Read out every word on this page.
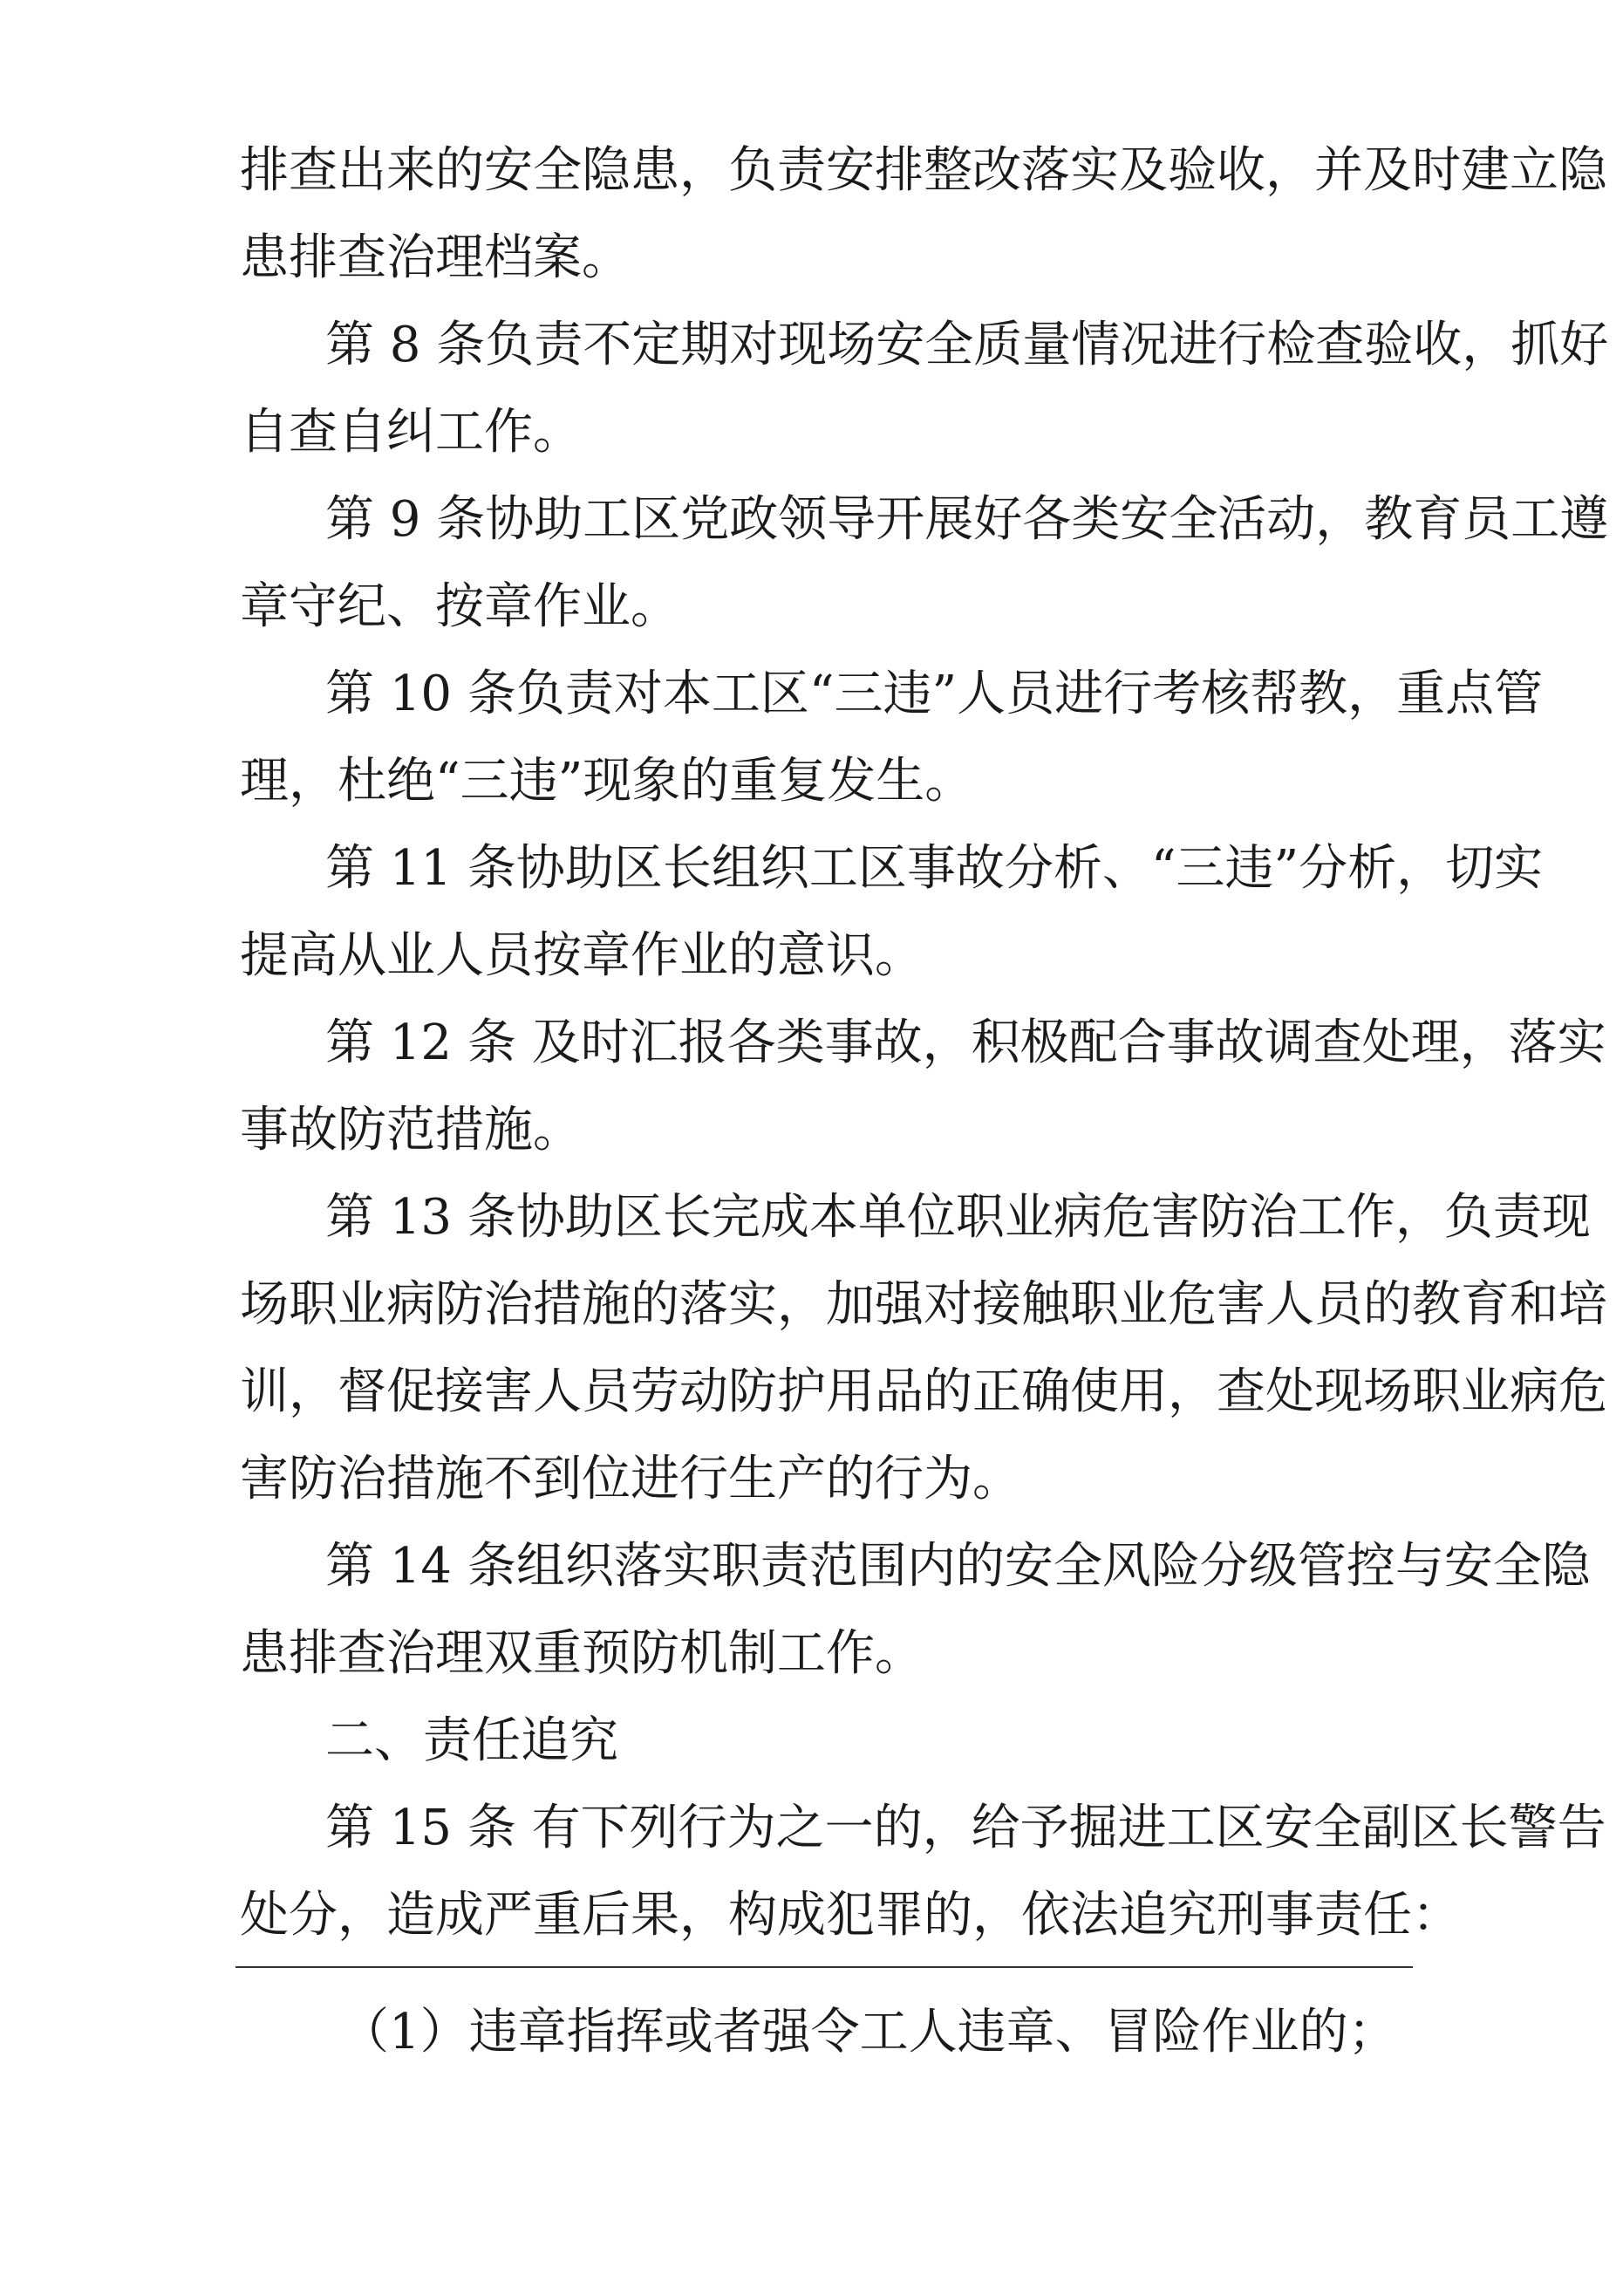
排查出来的安全隐患，负责安排整改落实及验收，并及时建立隐
患排查治理档案。
第 8 条负责不定期对现场安全质量情况进行检查验收，抓好
自查自纠工作。
第 9 条协助工区党政领导开展好各类安全活动，教育员工遵
章守纪、按章作业。
第 10 条负责对本工区“三违”人员进行考核帮教，重点管
理，杜绝“三违”现象的重复发生。
第 11 条协助区长组织工区事故分析、“三违”分析，切实
提高从业人员按章作业的意识。
第 12 条 及时汇报各类事故，积极配合事故调查处理，落实
事故防范措施。
第 13 条协助区长完成本单位职业病危害防治工作，负责现
场职业病防治措施的落实，加强对接触职业危害人员的教育和培
训，督促接害人员劳动防护用品的正确使用，查处现场职业病危
害防治措施不到位进行生产的行为。
第 14 条组织落实职责范围内的安全风险分级管控与安全隐
患排查治理双重预防机制工作。
二、责任追究
第 15 条 有下列行为之一的，给予掘进工区安全副区长警告
处分，造成严重后果，构成犯罪的，依法追究刑事责任：
（1）违章指挥或者强令工人违章、冒险作业的；
